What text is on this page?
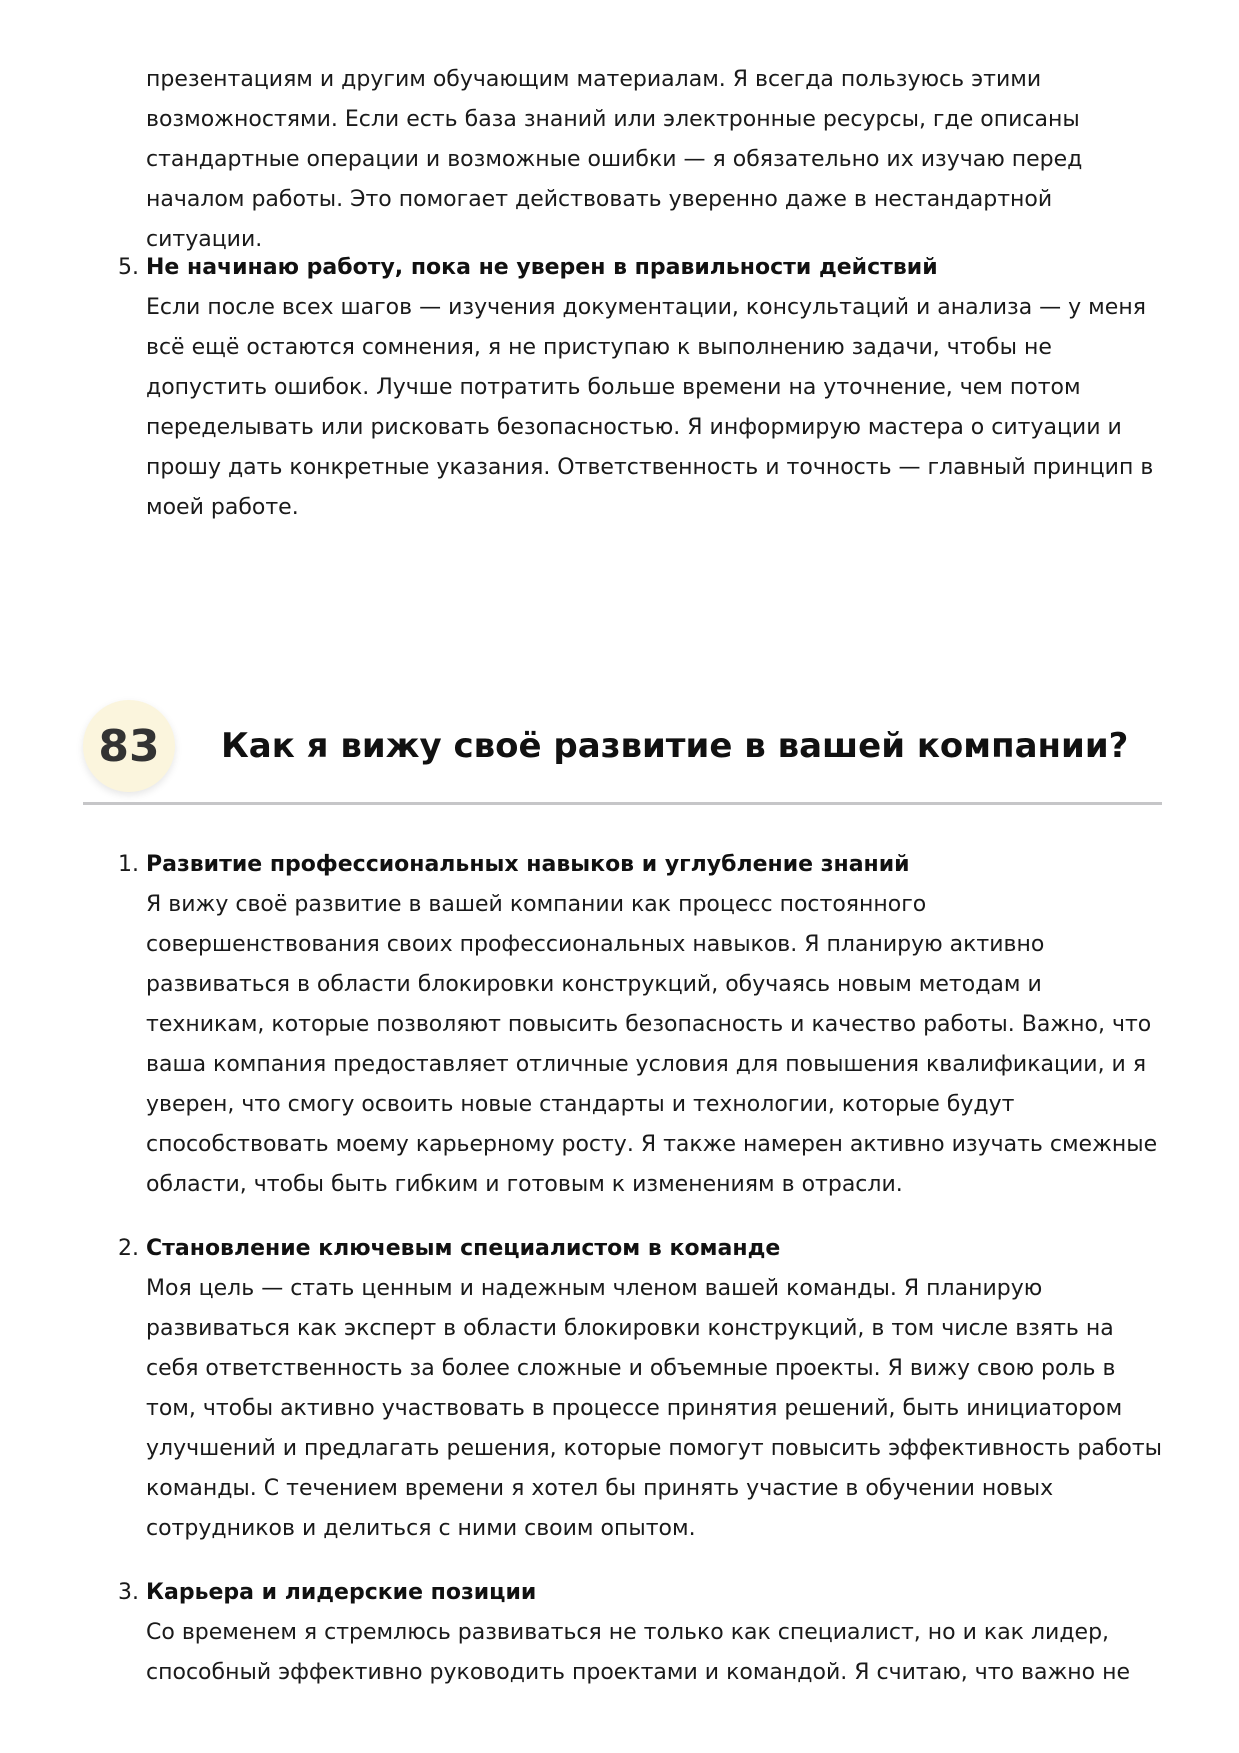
презентациям и другим обучающим материалам. Я всегда пользуюсь этими возможностями. Если есть база знаний или электронные ресурсы, где описаны стандартные операции и возможные ошибки — я обязательно их изучаю перед началом работы. Это помогает действовать уверенно даже в нестандартной ситуации.

5. Не начинаю работу, пока не уверен в правильности действий
Если после всех шагов — изучения документации, консультаций и анализа — у меня всё ещё остаются сомнения, я не приступаю к выполнению задачи, чтобы не допустить ошибок. Лучше потратить больше времени на уточнение, чем потом переделывать или рисковать безопасностью. Я информирую мастера о ситуации и прошу дать конкретные указания. Ответственность и точность — главный принцип в моей работе.
83	Как я вижу своё развитие в вашей компании?
1. Развитие профессиональных навыков и углубление знаний
Я вижу своё развитие в вашей компании как процесс постоянного совершенствования своих профессиональных навыков. Я планирую активно развиваться в области блокировки конструкций, обучаясь новым методам и техникам, которые позволяют повысить безопасность и качество работы. Важно, что ваша компания предоставляет отличные условия для повышения квалификации, и я уверен, что смогу освоить новые стандарты и технологии, которые будут способствовать моему карьерному росту. Я также намерен активно изучать смежные области, чтобы быть гибким и готовым к изменениям в отрасли.
2. Становление ключевым специалистом в команде
Моя цель — стать ценным и надежным членом вашей команды. Я планирую развиваться как эксперт в области блокировки конструкций, в том числе взять на себя ответственность за более сложные и объемные проекты. Я вижу свою роль в том, чтобы активно участвовать в процессе принятия решений, быть инициатором улучшений и предлагать решения, которые помогут повысить эффективность работы команды. С течением времени я хотел бы принять участие в обучении новых сотрудников и делиться с ними своим опытом.
3. Карьера и лидерские позиции
Со временем я стремлюсь развиваться не только как специалист, но и как лидер, способный эффективно руководить проектами и командой. Я считаю, что важно не
